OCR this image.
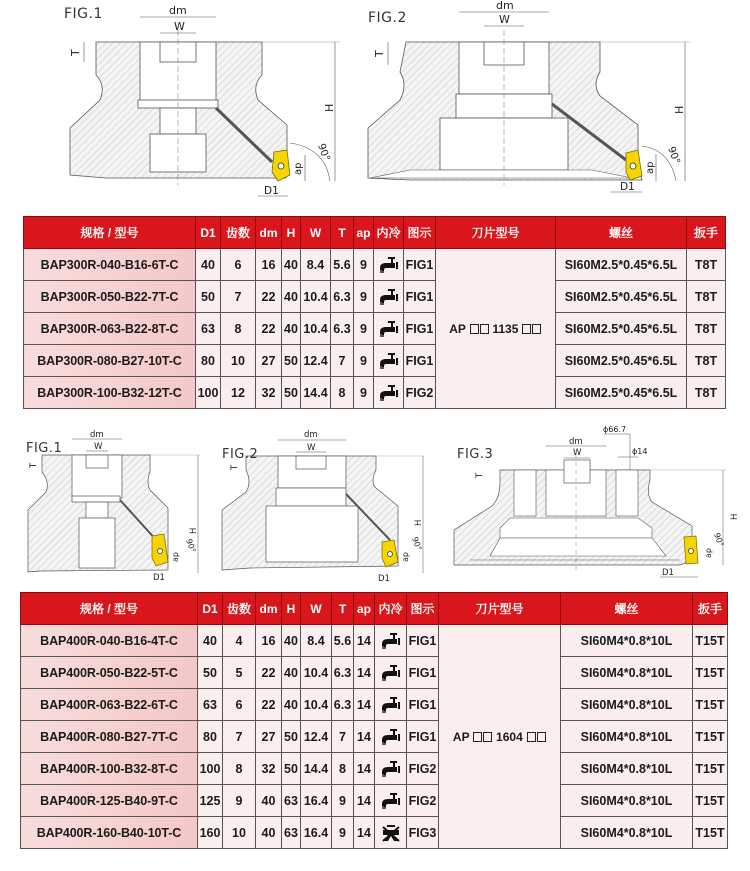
FIG.1	dm
W
T
H
ap
D1
90°
FIG.2
dm
W
T
H
ap
D1
90°
规格 / 型号	D1	齿数	dm	H	W	T	ap	内冷	图示	刀片型号	螺丝	扳手
BAP300R-040-B16-6T-C	40	6	16	40	8.4	5.6	9		FIG1	AP 1135	SI60M2.5*0.45*6.5L	T8T
BAP300R-050-B22-7T-C	50	7	22	40	10.4	6.3	9		FIG1		SI60M2.5*0.45*6.5L	T8T
BAP300R-063-B22-8T-C	63	8	22	40	10.4	6.3	9		FIG1		SI60M2.5*0.45*6.5L	T8T
BAP300R-080-B27-10T-C	80	10	27	50	12.4	7	9		FIG1		SI60M2.5*0.45*6.5L	T8T
BAP300R-100-B32-12T-C	100	12	32	50	14.4	8	9		FIG2		SI60M2.5*0.45*6.5L	T8T
FIG.1
dm
W
T
H
ap
D1
90°
FIG.2
dm
W
T
H
ap
D1
90°
FIG.3
ϕ66.7
ϕ14
dm
W
T
H
ap
D1
90°
规格 / 型号	D1	齿数	dm	H	W	T	ap	内冷	图示	刀片型号	螺丝	扳手
BAP400R-040-B16-4T-C	40	4	16	40	8.4	5.6	14		FIG1	AP 1604	SI60M4*0.8*10L	T15T
BAP400R-050-B22-5T-C	50	5	22	40	10.4	6.3	14		FIG1		SI60M4*0.8*10L	T15T
BAP400R-063-B22-6T-C	63	6	22	40	10.4	6.3	14		FIG1		SI60M4*0.8*10L	T15T
BAP400R-080-B27-7T-C	80	7	27	50	12.4	7	14		FIG1		SI60M4*0.8*10L	T15T
BAP400R-100-B32-8T-C	100	8	32	50	14.4	8	14		FIG2		SI60M4*0.8*10L	T15T
BAP400R-125-B40-9T-C	125	9	40	63	16.4	9	14		FIG2		SI60M4*0.8*10L	T15T
BAP400R-160-B40-10T-C	160	10	40	63	16.4	9	14		FIG3		SI60M4*0.8*10L	T15T
